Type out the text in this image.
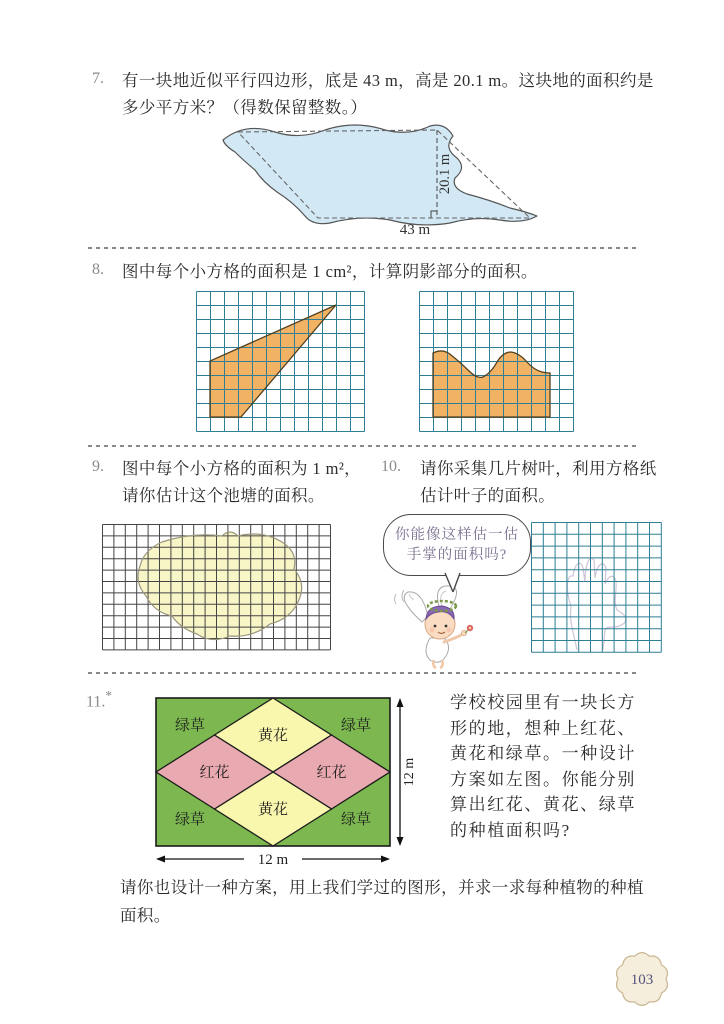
7. 有一块地近似平行四边形，底是 43 m，高是 20.1 m。这块地的面积约是
多少平方米？（得数保留整数。）
20.1 m
43 m
8. 图中每个小方格的面积是 1 cm²，计算阴影部分的面积。
9. 图中每个小方格的面积为 1 m²，
请你估计这个池塘的面积。
10. 请你采集几片树叶，利用方格纸
估计叶子的面积。
你能像这样估一估
手掌的面积吗?
11.*
绿草	绿草
绿草	绿草
黄花
黄花
红花	红花	12 m
12 m
学校校园里有一块长方
形的地，想种上红花、
黄花和绿草。一种设计
方案如左图。你能分别
算出红花、黄花、绿草
的种植面积吗?
请你也设计一种方案，用上我们学过的图形，并求一求每种植物的种植
面积。
103
